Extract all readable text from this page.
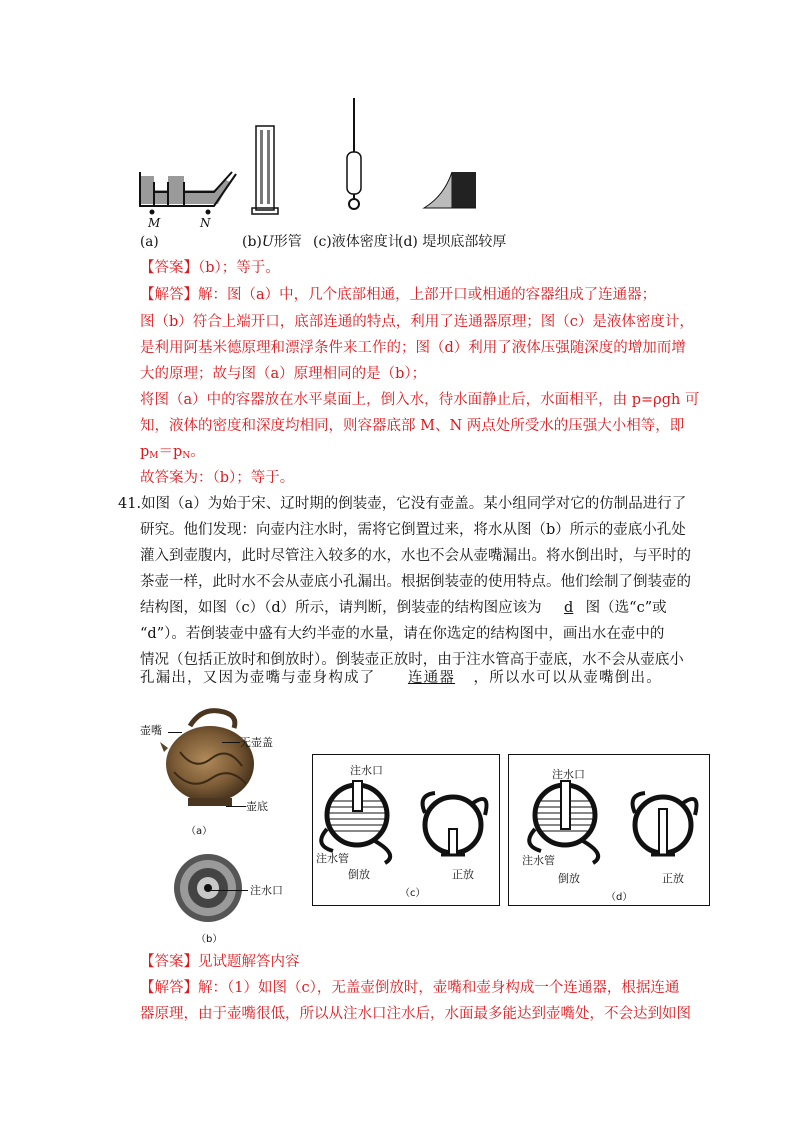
M	N
(a)	(b)U形管 (c)液体密度计
(d) 堤坝底部较厚
【答案】（b）；等于。
【解答】解：图（a）中，几个底部相通，上部开口或相通的容器组成了连通器；
图（b）符合上端开口，底部连通的特点，利用了连通器原理；图（c）是液体密度计，
是利用阿基米德原理和漂浮条件来工作的；图（d）利用了液体压强随深度的增加而增
大的原理；故与图（a）原理相同的是（b）；
将图（a）中的容器放在水平桌面上，倒入水，待水面静止后，水面相平，由 p=ρgh 可
知，液体的密度和深度均相同，则容器底部 M、N 两点处所受水的压强大小相等，即
$p_M=p_N$。
故答案为：（b）；等于。
41.如图（a）为始于宋、辽时期的倒装壶，它没有壶盖。某小组同学对它的仿制品进行了
研究。他们发现：向壶内注水时，需将它倒置过来，将水从图（b）所示的壶底小孔处
灌入到壶腹内，此时尽管注入较多的水，水也不会从壶嘴漏出。将水倒出时，与平时的
茶壶一样，此时水不会从壶底小孔漏出。根据倒装壶的使用特点。他们绘制了倒装壶的
结构图，如图（c）（d）所示，请判断，倒装壶的结构图应该为 d 图（选“c”或
“d”）。若倒装壶中盛有大约半壶的水量，请在你选定的结构图中，画出水在壶中的
情况（包括正放时和倒放时）。倒装壶正放时，由于注水管高于壶底，水不会从壶底小
孔漏出，又因为壶嘴与壶身构成了 连通器 ，所以水可以从壶嘴倒出。
壶嘴
无壶盖
壶底
（a）
注水口
（b）
注水口
注水管
倒放	正放
（c）
注水口
注水管
倒放	正放
（d）
【答案】见试题解答内容
【解答】解：（1）如图（c），无盖壶倒放时，壶嘴和壶身构成一个连通器，根据连通
器原理，由于壶嘴很低，所以从注水口注水后，水面最多能达到壶嘴处，不会达到如图
